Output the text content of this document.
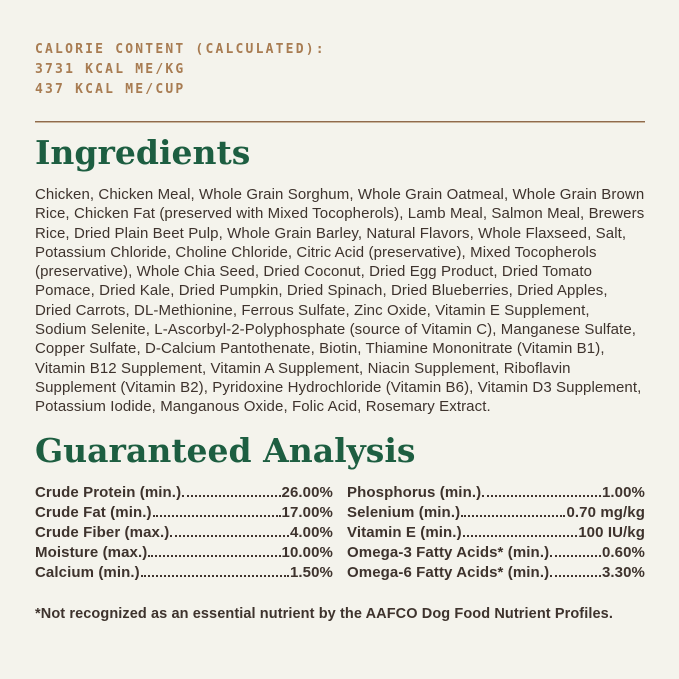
CALORIE CONTENT (CALCULATED):
3731 KCAL ME/KG
437 KCAL ME/CUP
Ingredients
Chicken, Chicken Meal, Whole Grain Sorghum, Whole Grain Oatmeal, Whole Grain Brown Rice, Chicken Fat (preserved with Mixed Tocopherols), Lamb Meal, Salmon Meal, Brewers Rice, Dried Plain Beet Pulp, Whole Grain Barley, Natural Flavors, Whole Flaxseed, Salt, Potassium Chloride, Choline Chloride, Citric Acid (preservative), Mixed Tocopherols (preservative), Whole Chia Seed, Dried Coconut, Dried Egg Product, Dried Tomato Pomace, Dried Kale, Dried Pumpkin, Dried Spinach, Dried Blueberries, Dried Apples, Dried Carrots, DL-Methionine, Ferrous Sulfate, Zinc Oxide, Vitamin E Supplement, Sodium Selenite, L-Ascorbyl-2-Polyphosphate (source of Vitamin C), Manganese Sulfate, Copper Sulfate, D-Calcium Pantothenate, Biotin, Thiamine Mononitrate (Vitamin B1), Vitamin B12 Supplement, Vitamin A Supplement, Niacin Supplement, Riboflavin Supplement (Vitamin B2), Pyridoxine Hydrochloride (Vitamin B6), Vitamin D3 Supplement, Potassium Iodide, Manganous Oxide, Folic Acid, Rosemary Extract.
Guaranteed Analysis
Crude Protein (min.)	26.00%
Crude Fat (min.)	17.00%
Crude Fiber (max.)	4.00%
Moisture (max.)	10.00%
Calcium (min.)	1.50%
Phosphorus (min.)	1.00%
Selenium (min.)	0.70 mg/kg
Vitamin E (min.)	100 IU/kg
Omega-3 Fatty Acids* (min.)	0.60%
Omega-6 Fatty Acids* (min.)	3.30%
*Not recognized as an essential nutrient by the AAFCO Dog Food Nutrient Profiles.
